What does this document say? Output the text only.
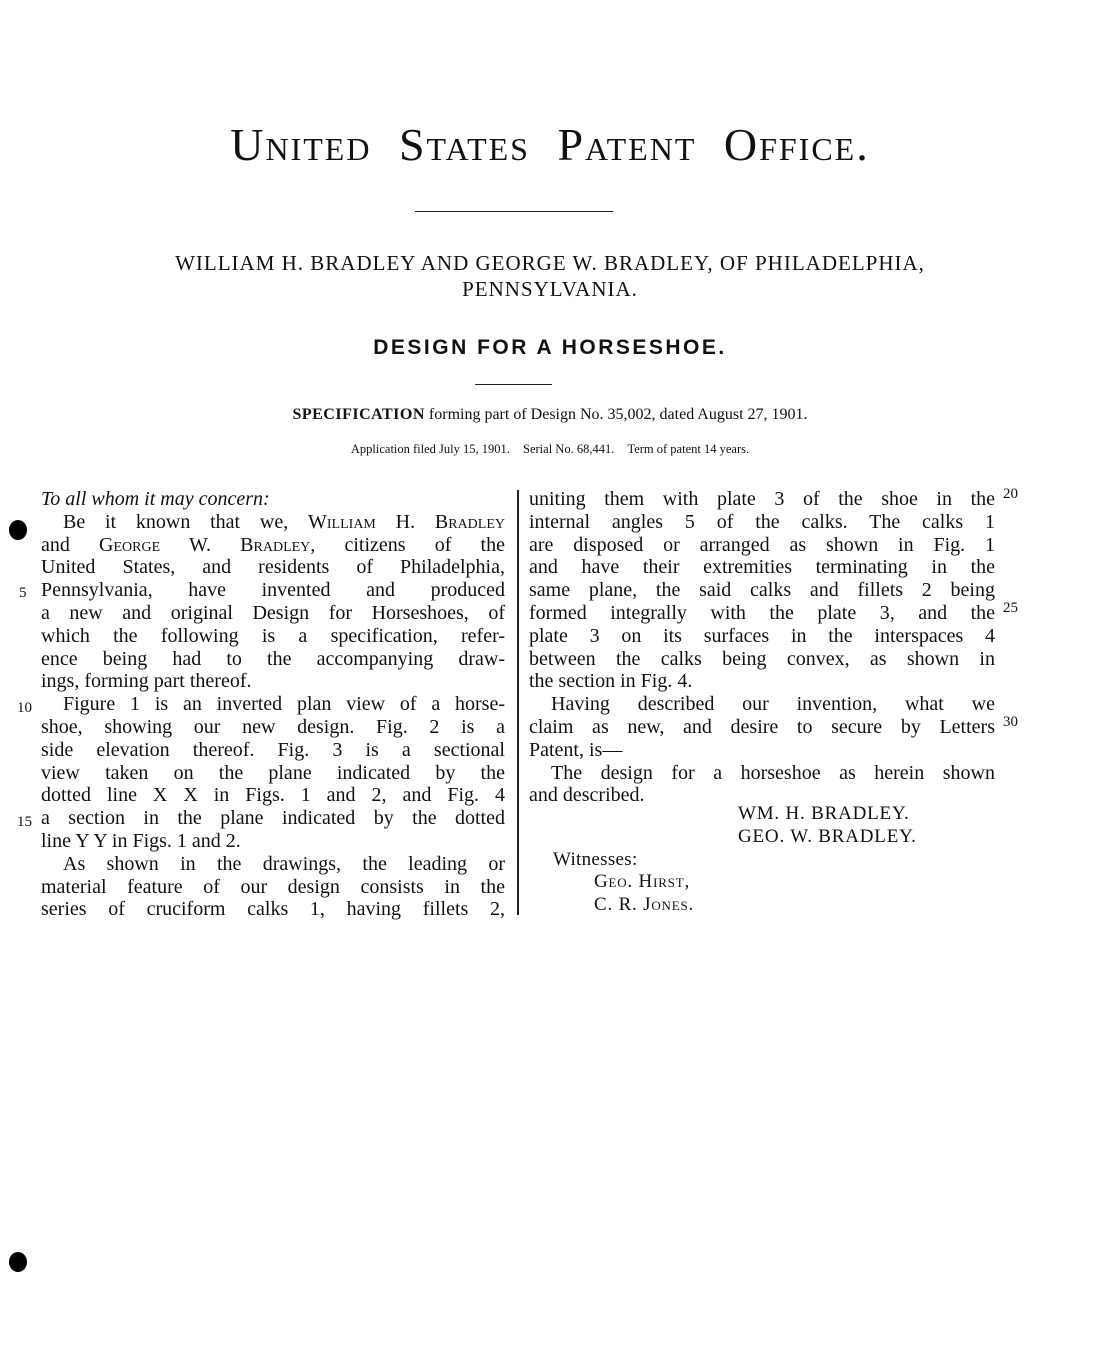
United States Patent Office.
WILLIAM H. BRADLEY AND GEORGE W. BRADLEY, OF PHILADELPHIA,
PENNSYLVANIA.
DESIGN FOR A HORSESHOE.
SPECIFICATION forming part of Design No. 35,002, dated August 27, 1901.
Application filed July 15, 1901. Serial No. 68,441. Term of patent 14 years.
To all whom it may concern:
Be it known that we, William H. Bradley
and George W. Bradley, citizens of the
United States, and residents of Philadelphia,
Pennsylvania, have invented and produced
a new and original Design for Horseshoes, of
which the following is a specification, refer-
ence being had to the accompanying draw-
ings, forming part thereof.
Figure 1 is an inverted plan view of a horse-
shoe, showing our new design. Fig. 2 is a
side elevation thereof. Fig. 3 is a sectional
view taken on the plane indicated by the
dotted line X X in Figs. 1 and 2, and Fig. 4
a section in the plane indicated by the dotted
line Y Y in Figs. 1 and 2.
As shown in the drawings, the leading or
material feature of our design consists in the
series of cruciform calks 1, having fillets 2,
uniting them with plate 3 of the shoe in the
internal angles 5 of the calks. The calks 1
are disposed or arranged as shown in Fig. 1
and have their extremities terminating in the
same plane, the said calks and fillets 2 being
formed integrally with the plate 3, and the
plate 3 on its surfaces in the interspaces 4
between the calks being convex, as shown in
the section in Fig. 4.
Having described our invention, what we
claim as new, and desire to secure by Letters
Patent, is—
The design for a horseshoe as herein shown
and described.
5
10
15
20
25
30
WM. H. BRADLEY.
GEO. W. BRADLEY.
Witnesses:
Geo. Hirst,
C. R. Jones.
